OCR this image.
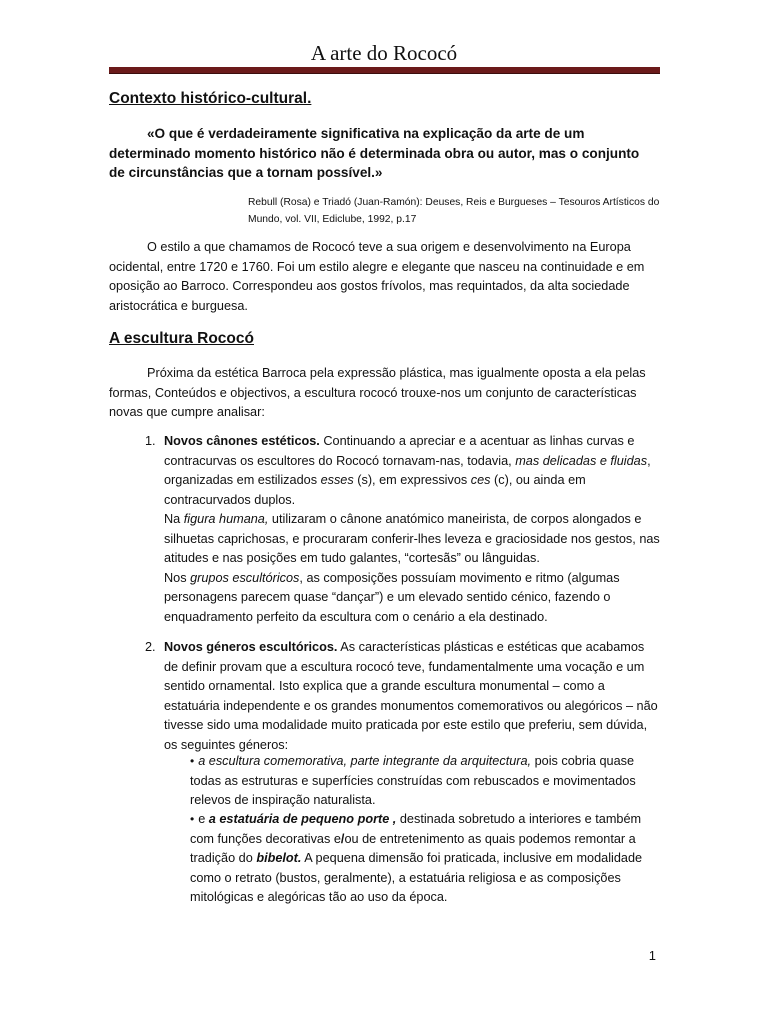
A arte do Rococó
Contexto histórico-cultural.
«O que é verdadeiramente significativa na explicação da arte de um determinado momento histórico não é determinada obra ou autor, mas o conjunto de circunstâncias que a tornam possível.»
Rebull (Rosa) e Triadó (Juan-Ramón): Deuses, Reis e Burgueses – Tesouros Artísticos do Mundo, vol. VII, Ediclube, 1992, p.17
O estilo a que chamamos de Rococó teve a sua origem e desenvolvimento na Europa ocidental, entre 1720 e 1760. Foi um estilo alegre e elegante que nasceu na continuidade e em oposição ao Barroco. Correspondeu aos gostos frívolos, mas requintados, da alta sociedade aristocrática e burguesa.
A escultura Rococó
Próxima da estética Barroca pela expressão plástica, mas igualmente oposta a ela pelas formas, Conteúdos e objectivos, a escultura rococó trouxe-nos um conjunto de características novas que cumpre analisar:
1. Novos cânones estéticos. Continuando a apreciar e a acentuar as linhas curvas e contracurvas os escultores do Rococó tornavam-nas, todavia, mas delicadas e fluidas, organizadas em estilizados esses (s), em expressivos ces (c), ou ainda em contracurvados duplos.
Na figura humana, utilizaram o cânone anatómico maneirista, de corpos alongados e silhuetas caprichosas, e procuraram conferir-lhes leveza e graciosidade nos gestos, nas atitudes e nas posições em tudo galantes, “cortesãs” ou lânguidas.
Nos grupos escultóricos, as composições possuíam movimento e ritmo (algumas personagens parecem quase “dançar”) e um elevado sentido cénico, fazendo o enquadramento perfeito da escultura com o cenário a ela destinado.
2. Novos géneros escultóricos. As características plásticas e estéticas que acabamos de definir provam que a escultura rococó teve, fundamentalmente uma vocação e um sentido ornamental. Isto explica que a grande escultura monumental – como a estatuária independente e os grandes monumentos comemorativos ou alegóricos – não tivesse sido uma modalidade muito praticada por este estilo que preferiu, sem dúvida, os seguintes géneros:
• a escultura comemorativa, parte integrante da arquitectura, pois cobria quase todas as estruturas e superfícies construídas com rebuscados e movimentados relevos de inspiração naturalista.
• e a estatuária de pequeno porte , destinada sobretudo a interiores e também com funções decorativas e/ou de entretenimento as quais podemos remontar a tradição do bibelot. A pequena dimensão foi praticada, inclusive em modalidade como o retrato (bustos, geralmente), a estatuária religiosa e as composições mitológicas e alegóricas tão ao uso da época.
1
